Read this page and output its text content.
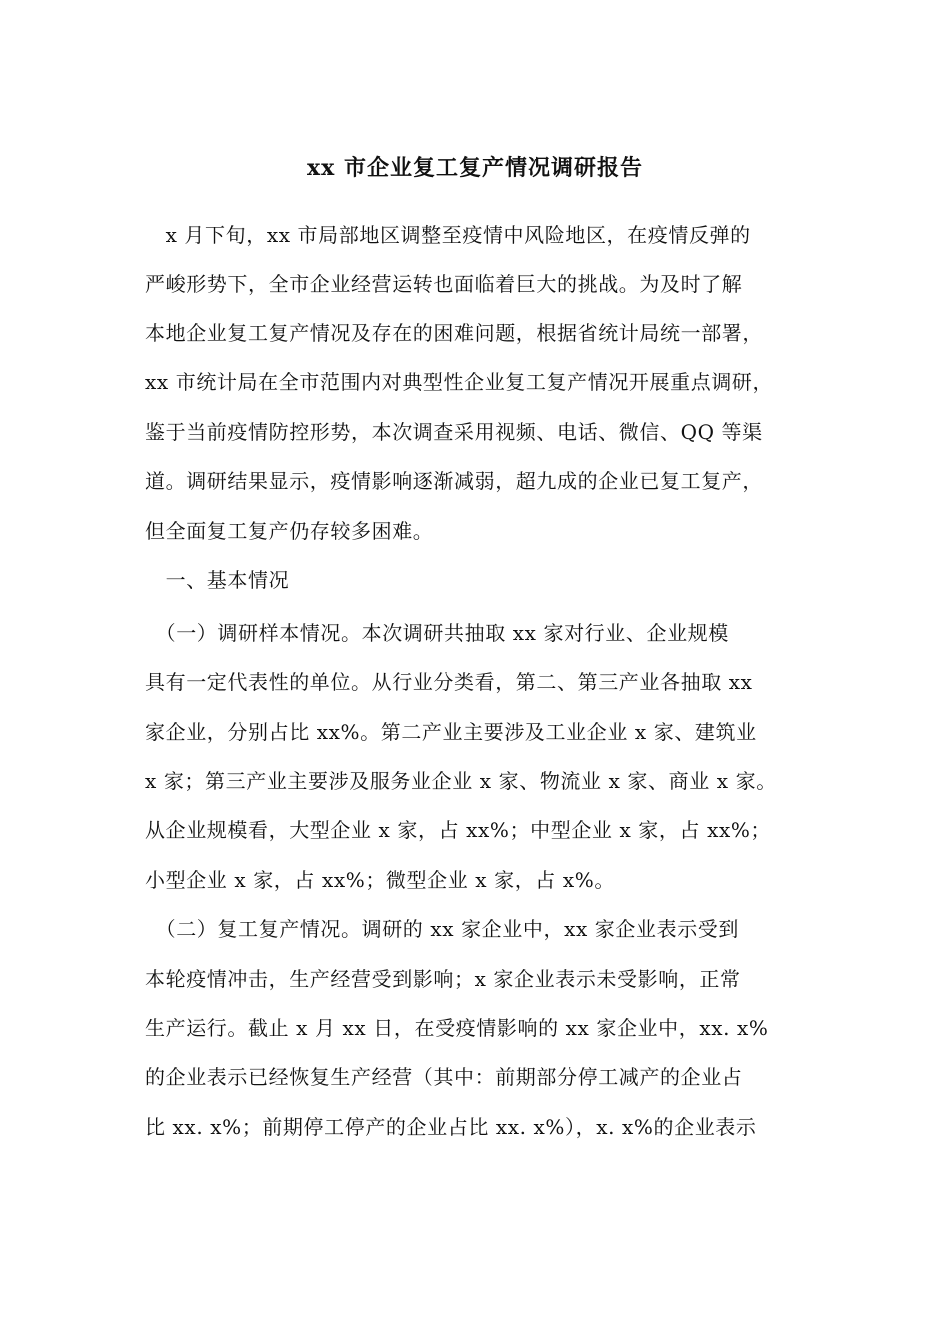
xx 市企业复工复产情况调研报告
　x 月下旬，xx 市局部地区调整至疫情中风险地区，在疫情反弹的
严峻形势下，全市企业经营运转也面临着巨大的挑战。为及时了解
本地企业复工复产情况及存在的困难问题，根据省统计局统一部署，
xx 市统计局在全市范围内对典型性企业复工复产情况开展重点调研，
鉴于当前疫情防控形势，本次调查采用视频、电话、微信、QQ 等渠
道。调研结果显示，疫情影响逐渐减弱，超九成的企业已复工复产，
但全面复工复产仍存较多困难。
　一、基本情况
　（一）调研样本情况。本次调研共抽取 xx 家对行业、企业规模
具有一定代表性的单位。从行业分类看，第二、第三产业各抽取 xx
家企业，分别占比 xx%。第二产业主要涉及工业企业 x 家、建筑业
x 家；第三产业主要涉及服务业企业 x 家、物流业 x 家、商业 x 家。
从企业规模看，大型企业 x 家，占 xx%；中型企业 x 家，占 xx%；
小型企业 x 家，占 xx%；微型企业 x 家，占 x%。
　（二）复工复产情况。调研的 xx 家企业中，xx 家企业表示受到
本轮疫情冲击，生产经营受到影响；x 家企业表示未受影响，正常
生产运行。截止 x 月 xx 日，在受疫情影响的 xx 家企业中，xx. x%
的企业表示已经恢复生产经营（其中：前期部分停工减产的企业占
比 xx. x%；前期停工停产的企业占比 xx. x%），x. x%的企业表示
